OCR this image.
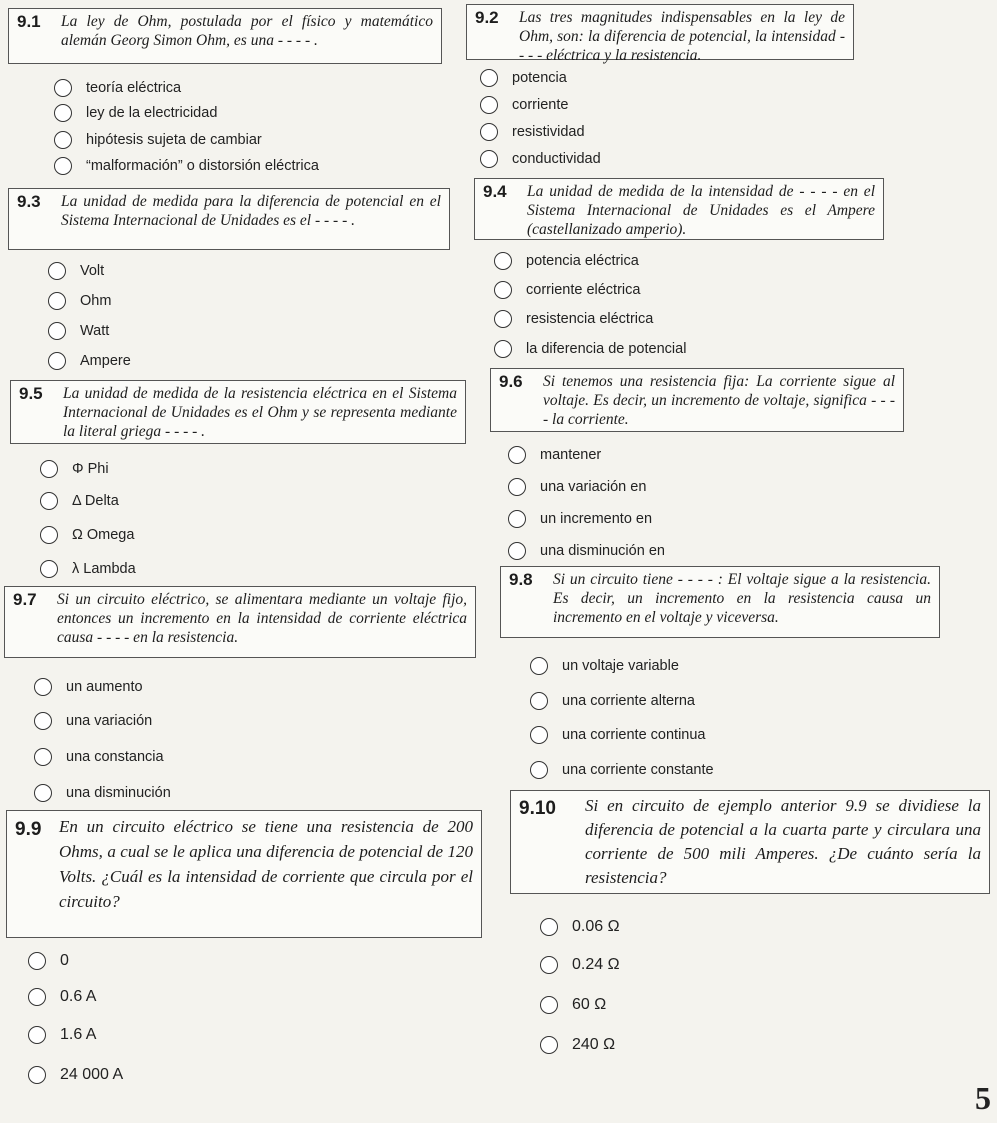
9.1 La ley de Ohm, postulada por el físico y matemático alemán Georg Simon Ohm, es una - - - - .
9.2 Las tres magnitudes indispensables en la ley de Ohm, son: la diferencia de potencial, la intensidad - - - - eléctrica y la resistencia.
9.3 La unidad de medida para la diferencia de potencial en el Sistema Internacional de Unidades es el - - - - .
9.4 La unidad de medida de la intensidad de - - - - en el Sistema Internacional de Unidades es el Ampere (castellanizado amperio).
9.5 La unidad de medida de la resistencia eléctrica en el Sistema Internacional de Unidades es el Ohm y se representa mediante la literal griega - - - - .
9.6 Si tenemos una resistencia fija: La corriente sigue al voltaje. Es decir, un incremento de voltaje, significa - - - - la corriente.
9.7 Si un circuito eléctrico, se alimentara mediante un voltaje fijo, entonces un incremento en la intensidad de corriente eléctrica causa - - - - en la resistencia.
9.8 Si un circuito tiene - - - - : El voltaje sigue a la resistencia. Es decir, un incremento en la resistencia causa un incremento en el voltaje y viceversa.
9.9 En un circuito eléctrico se tiene una resistencia de 200 Ohms, a cual se le aplica una diferencia de potencial de 120 Volts. ¿Cuál es la intensidad de corriente que circula por el circuito?
9.10 Si en circuito de ejemplo anterior 9.9 se dividiese la diferencia de potencial a la cuarta parte y circulara una corriente de 500 mili Amperes. ¿De cuánto sería la resistencia?
teoría eléctrica
ley de la electricidad
hipótesis sujeta de cambiar
“malformación” o distorsión eléctrica
potencia
corriente
resistividad
conductividad
Volt
Ohm
Watt
Ampere
potencia eléctrica
corriente eléctrica
resistencia eléctrica
la diferencia de potencial
Φ Phi
Δ Delta
Ω Omega
λ Lambda
mantener
una variación en
un incremento en
una disminución en
un aumento
una variación
una constancia
una disminución
un voltaje variable
una corriente alterna
una corriente continua
una corriente constante
0
0.6 A
1.6 A
24 000 A
0.06 Ω
0.24 Ω
60 Ω
240 Ω
5
